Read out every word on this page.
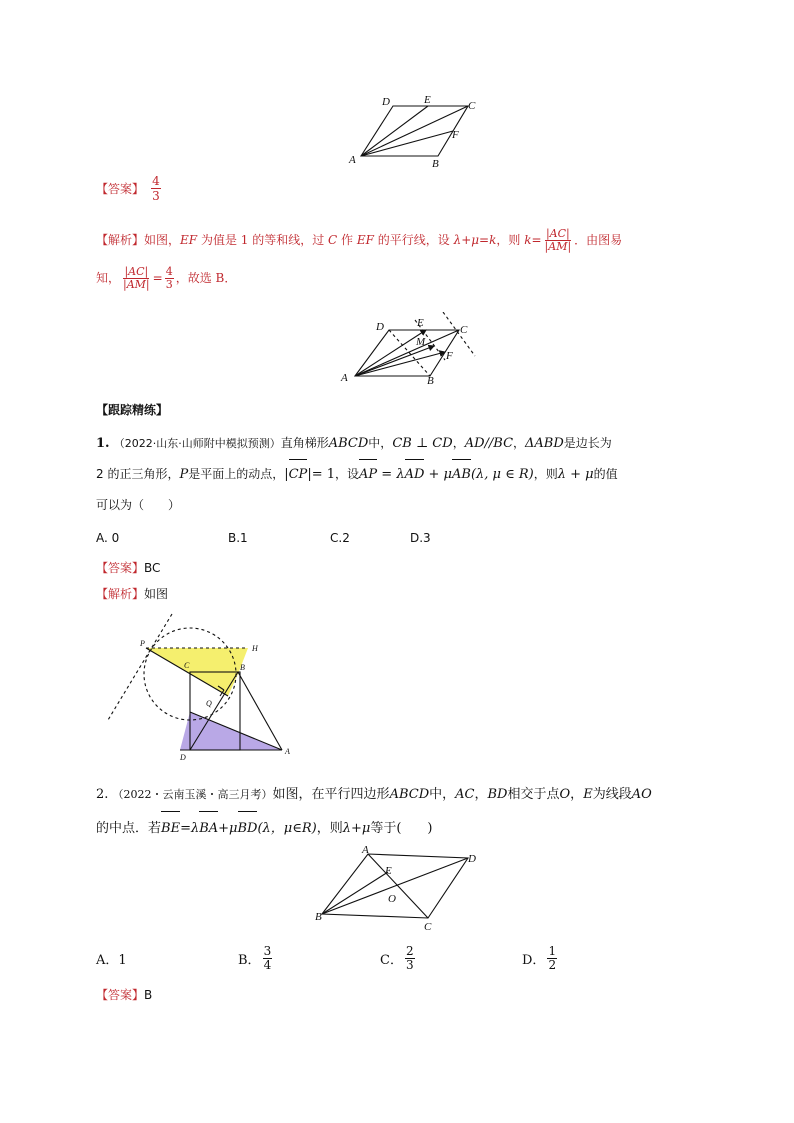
D	E	C
F
A	B
【答案】 $\frac{4}{3}$
【解析】如图，EF 为值是 1 的等和线，过 C 作 EF 的平行线，设 λ+μ=k，则 $k= \frac{|AC|}{|AM|}$ ．由图易
知， $\frac{|AC|}{|AM|} = \frac{4}{3}$ ，故选 B．
D	E
C
M
F
A	B
【跟踪精练】
1. （2022·山东·山师附中模拟预测）直角梯形ABCD中，CB ⊥ CD，AD//BC，ΔABD是边长为
2 的正三角形，P是平面上的动点，|CP|= 1，设AP = λAD + μAB(λ, μ ∈ R)，则λ + μ的值
可以为（　　）
A. 0	B.1	C.2	D.3
【答案】BC
【解析】如图
P
H
C	B
Q
D
A
2. （2022・云南玉溪・高三月考）如图，在平行四边形ABCD中，AC，BD相交于点O，E为线段AO
的中点．若BE=λBA+μBD(λ，μ∈R)，则λ+μ等于(　　)
A
D
E
O
B
C
A．1	B． $\frac{3}{4}$	C． $\frac{2}{3}$	D． $\frac{1}{2}$
【答案】B
